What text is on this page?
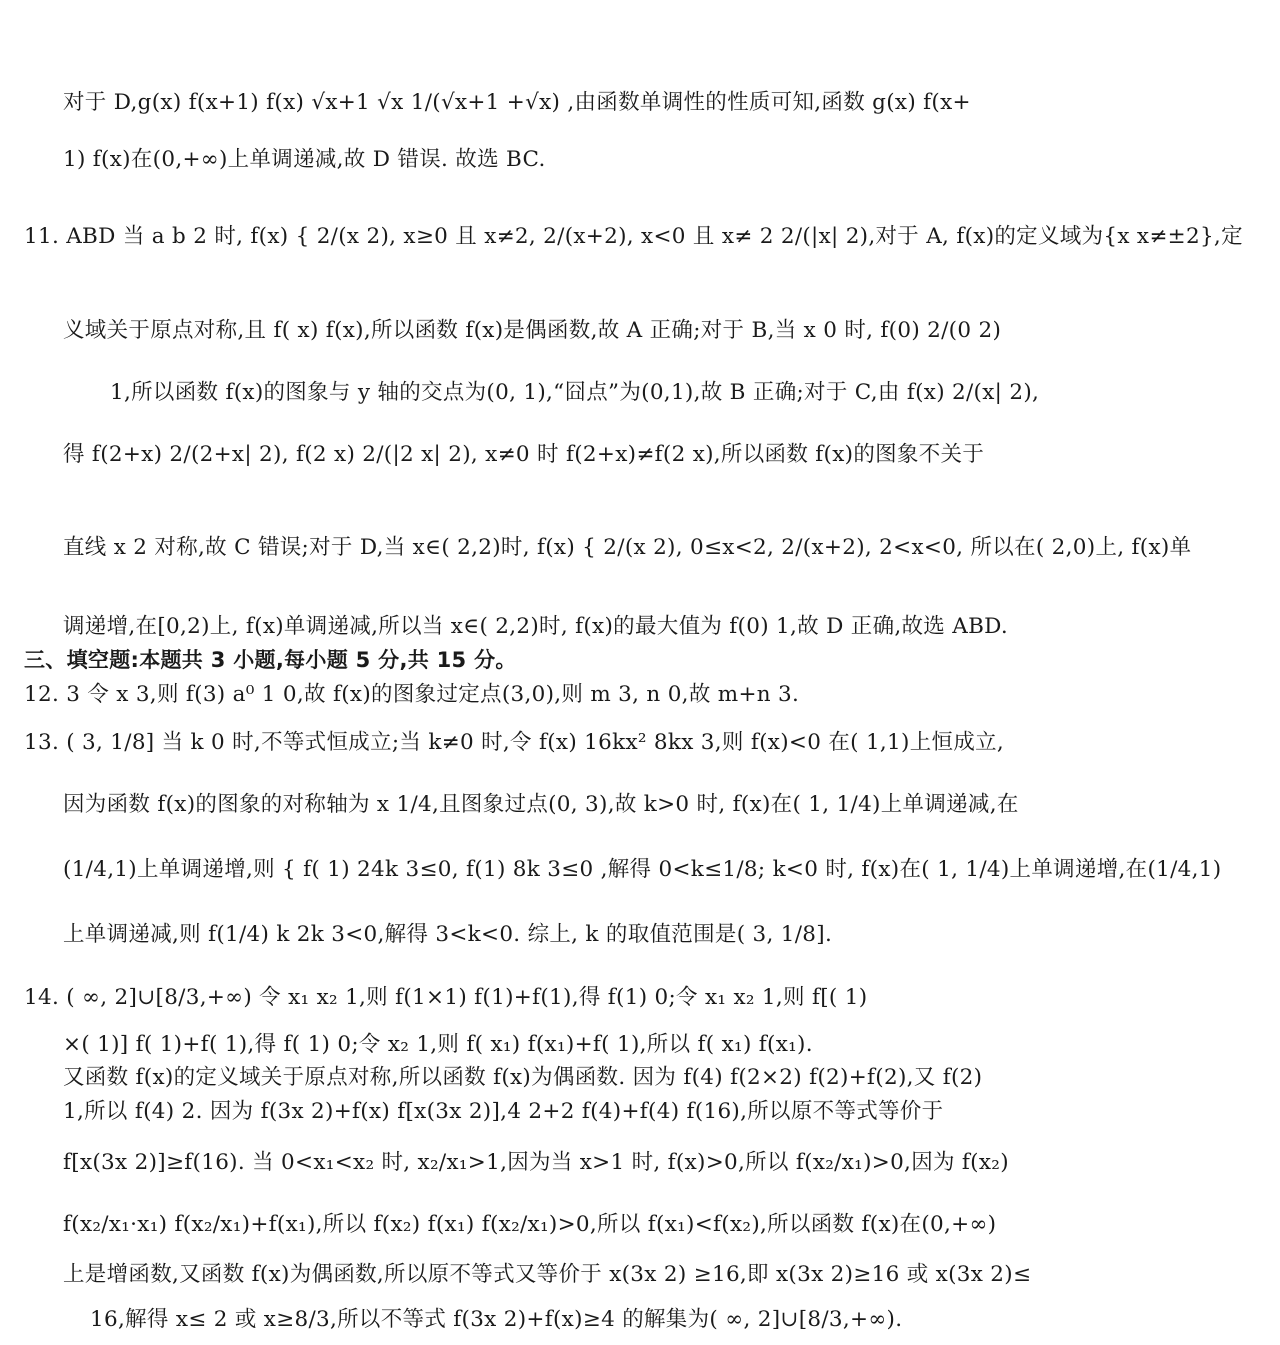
对于 D,g(x) f(x+1) f(x) √x+1 √x 1/(√x+1 +√x) ,由函数单调性的性质可知,函数 g(x) f(x+
1) f(x)在(0,+∞)上单调递减,故 D 错误. 故选 BC.
11. ABD 当 a b 2 时, f(x) { 2/(x 2), x≥0 且 x≠2, 2/(x+2), x<0 且 x≠ 2 2/(|x| 2),对于 A, f(x)的定义域为{x x≠±2},定
义域关于原点对称,且 f( x) f(x),所以函数 f(x)是偶函数,故 A 正确;对于 B,当 x 0 时, f(0) 2/(0 2)
1,所以函数 f(x)的图象与 y 轴的交点为(0, 1),“囧点”为(0,1),故 B 正确;对于 C,由 f(x) 2/(x| 2),
得 f(2+x) 2/(2+x| 2), f(2 x) 2/(|2 x| 2), x≠0 时 f(2+x)≠f(2 x),所以函数 f(x)的图象不关于
直线 x 2 对称,故 C 错误;对于 D,当 x∈( 2,2)时, f(x) { 2/(x 2), 0≤x<2, 2/(x+2), 2<x<0, 所以在( 2,0)上, f(x)单
调递增,在[0,2)上, f(x)单调递减,所以当 x∈( 2,2)时, f(x)的最大值为 f(0) 1,故 D 正确,故选 ABD.
三、填空题:本题共 3 小题,每小题 5 分,共 15 分。
12. 3 令 x 3,则 f(3) a⁰ 1 0,故 f(x)的图象过定点(3,0),则 m 3, n 0,故 m+n 3.
13. ( 3, 1/8] 当 k 0 时,不等式恒成立;当 k≠0 时,令 f(x) 16kx² 8kx 3,则 f(x)<0 在( 1,1)上恒成立,
因为函数 f(x)的图象的对称轴为 x 1/4,且图象过点(0, 3),故 k>0 时, f(x)在( 1, 1/4)上单调递减,在
(1/4,1)上单调递增,则 { f( 1) 24k 3≤0, f(1) 8k 3≤0 ,解得 0<k≤1/8; k<0 时, f(x)在( 1, 1/4)上单调递增,在(1/4,1)
上单调递减,则 f(1/4) k 2k 3<0,解得 3<k<0. 综上, k 的取值范围是( 3, 1/8].
14. ( ∞, 2]∪[8/3,+∞) 令 x₁ x₂ 1,则 f(1×1) f(1)+f(1),得 f(1) 0;令 x₁ x₂ 1,则 f[( 1)
×( 1)] f( 1)+f( 1),得 f( 1) 0;令 x₂ 1,则 f( x₁) f(x₁)+f( 1),所以 f( x₁) f(x₁).
又函数 f(x)的定义域关于原点对称,所以函数 f(x)为偶函数. 因为 f(4) f(2×2) f(2)+f(2),又 f(2)
1,所以 f(4) 2. 因为 f(3x 2)+f(x) f[x(3x 2)],4 2+2 f(4)+f(4) f(16),所以原不等式等价于
f[x(3x 2)]≥f(16). 当 0<x₁<x₂ 时, x₂/x₁>1,因为当 x>1 时, f(x)>0,所以 f(x₂/x₁)>0,因为 f(x₂)
f(x₂/x₁·x₁) f(x₂/x₁)+f(x₁),所以 f(x₂) f(x₁) f(x₂/x₁)>0,所以 f(x₁)<f(x₂),所以函数 f(x)在(0,+∞)
上是增函数,又函数 f(x)为偶函数,所以原不等式又等价于 x(3x 2) ≥16,即 x(3x 2)≥16 或 x(3x 2)≤
16,解得 x≤ 2 或 x≥8/3,所以不等式 f(3x 2)+f(x)≥4 的解集为( ∞, 2]∪[8/3,+∞).
